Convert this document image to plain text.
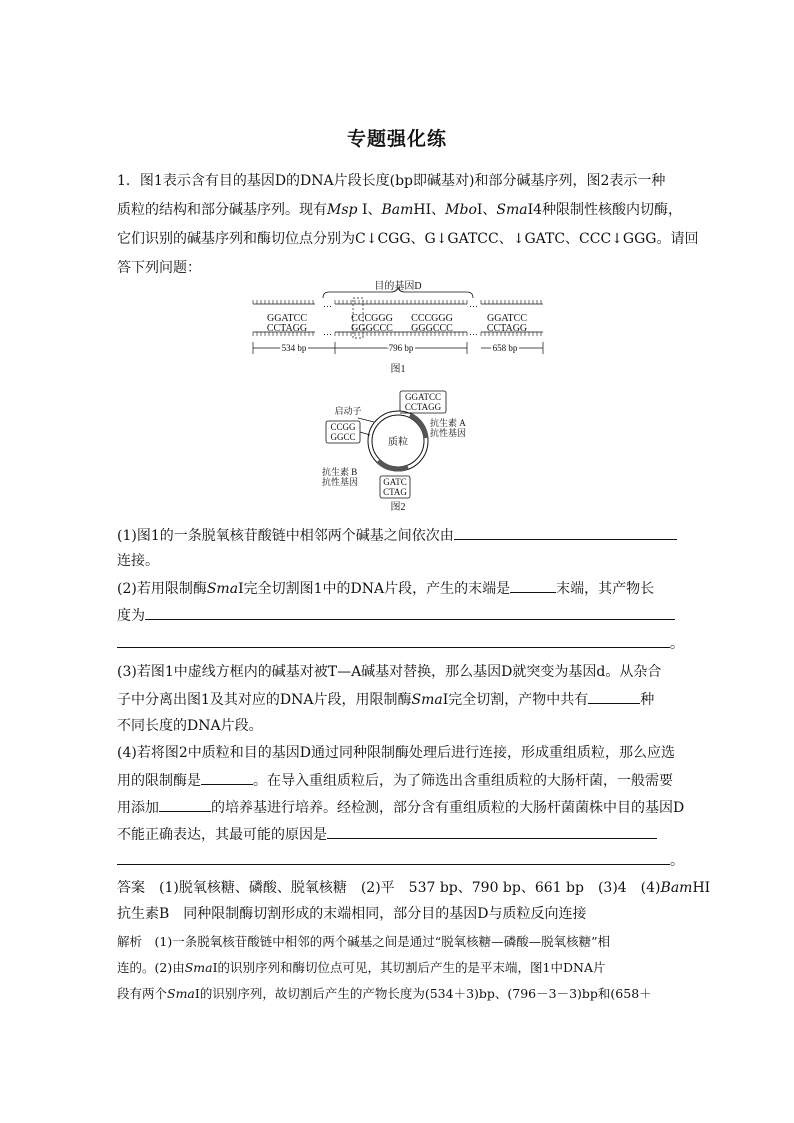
专题强化练
1．图1表示含有目的基因D的DNA片段长度(bp即碱基对)和部分碱基序列，图2表示一种
质粒的结构和部分碱基序列。现有Msp Ⅰ、BamHⅠ、MboⅠ、SmaⅠ4种限制性核酸内切酶，
它们识别的碱基序列和酶切位点分别为C↓CGG、G↓GATCC、↓GATC、CCC↓GGG。请回
答下列问题：
目的基因D
…	…
…	…
GGATCC
CCTAGG
CCCGGG
GGGCCC
CCCGGG
GGGCCC
GGATCC
CCTAGG
534 bp	796 bp	658 bp
图1
GGATCC
CCTAGG
启动子
CCGG
GGCC	质粒
抗生素 A
抗性基因
抗生素 B
抗性基因	GATC
CTAG
图2
(1)图1的一条脱氧核苷酸链中相邻两个碱基之间依次由
连接。
(2)若用限制酶SmaⅠ完全切割图1中的DNA片段，产生的末端是	末端，其产物长
度为
。
(3)若图1中虚线方框内的碱基对被T—A碱基对替换，那么基因D就突变为基因d。从杂合
子中分离出图1及其对应的DNA片段，用限制酶SmaⅠ完全切割，产物中共有	种
不同长度的DNA片段。
(4)若将图2中质粒和目的基因D通过同种限制酶处理后进行连接，形成重组质粒，那么应选
用的限制酶是	。在导入重组质粒后，为了筛选出含重组质粒的大肠杆菌，一般需要
用添加	的培养基进行培养。经检测，部分含有重组质粒的大肠杆菌菌株中目的基因D
不能正确表达，其最可能的原因是
。
答案　(1)脱氧核糖、磷酸、脱氧核糖　(2)平　537 bp、790 bp、661 bp　(3)4　(4)BamHⅠ
抗生素B　同种限制酶切割形成的末端相同，部分目的基因D与质粒反向连接
解析　(1)一条脱氧核苷酸链中相邻的两个碱基之间是通过“脱氧核糖—磷酸—脱氧核糖”相
连的。(2)由SmaⅠ的识别序列和酶切位点可见，其切割后产生的是平末端，图1中DNA片
段有两个SmaⅠ的识别序列，故切割后产生的产物长度为(534＋3)bp、(796－3－3)bp和(658＋
